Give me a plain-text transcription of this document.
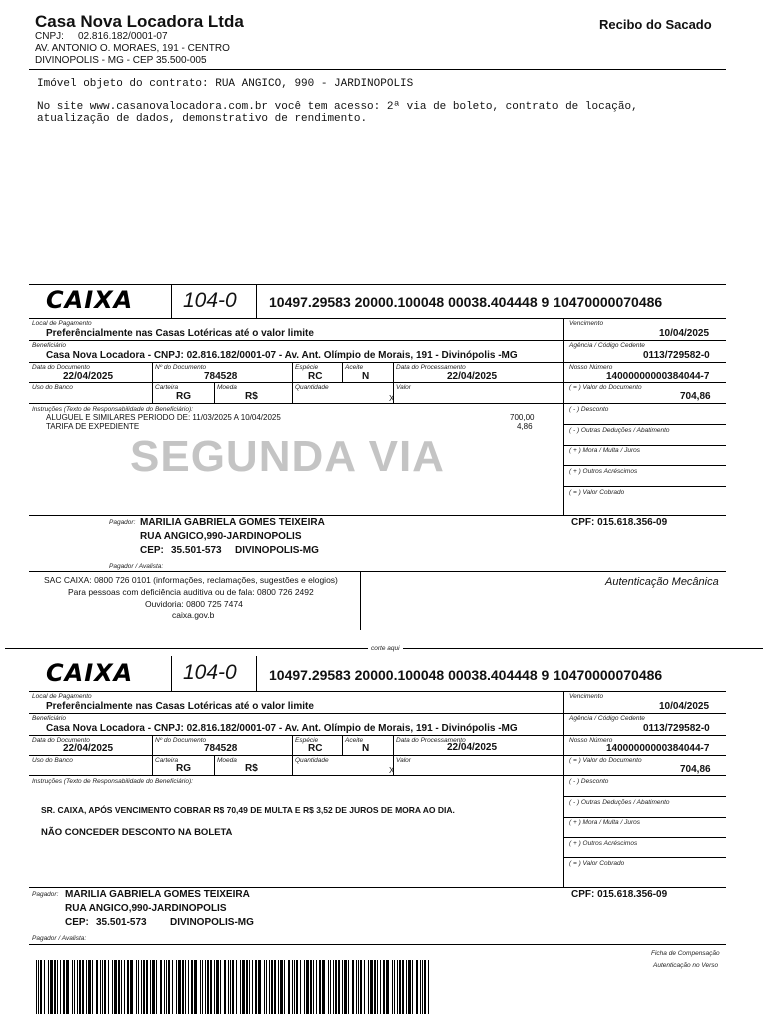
Casa Nova Locadora Ltda
CNPJ: 02.816.182/0001-07
AV. ANTONIO O. MORAES, 191 - CENTRO
DIVINOPOLIS - MG - CEP 35.500-005
Recibo do Sacado
Imóvel objeto do contrato: RUA ANGICO, 990 - JARDINOPOLIS
No site www.casanovalocadora.com.br você tem acesso: 2ª via de boleto, contrato de locação,
atualização de dados, demonstrativo de rendimento.
CAIXA 104-0 10497.29583 20000.100048 00038.404448 9 10470000070486
Local de Pagamento
Preferêncialmente nas Casas Lotéricas até o valor limite
Vencimento
10/04/2025
Beneficiário
Casa Nova Locadora - CNPJ: 02.816.182/0001-07 - Av. Ant. Olímpio de Morais, 191 - Divinópolis -MG
Agência / Código Cedente
0113/729582-0
Data do Documento
22/04/2025
Nº do Documento
784528
Espécie
RC
Aceite
N
Data do Processamento
22/04/2025
Nosso Número
14000000000384044-7
Uso do Banco	Carteira
RG
Moeda
R$
Quantidade	Valor
X
( = ) Valor do Documento
704,86
Instruções (Texto de Responsabilidade do Beneficiário):
ALUGUEL E SIMILARES PERIODO DE: 11/03/2025 A 10/04/2025	700,00
TARIFA DE EXPEDIENTE	4,86
SEGUNDA VIA
( - ) Desconto
( - ) Outras Deduções / Abatimento
( + ) Mora / Multa / Juros
( + ) Outros Acréscimos
( = ) Valor Cobrado
Pagador: MARILIA GABRIELA GOMES TEIXEIRA
RUA ANGICO,990-JARDINOPOLIS
CEP: 35.501-573 DIVINOPOLIS-MG
CPF: 015.618.356-09
Pagador / Avalista:
SAC CAIXA: 0800 726 0101 (informações, reclamações, sugestões e elogios)
Para pessoas com deficiência auditiva ou de fala: 0800 726 2492
Ouvidoria: 0800 725 7474
caixa.gov.b
Autenticação Mecânica
corte aqui
CAIXA 104-0 10497.29583 20000.100048 00038.404448 9 10470000070486
Local de Pagamento
Preferêncialmente nas Casas Lotéricas até o valor limite
Vencimento
10/04/2025
Beneficiário
Casa Nova Locadora - CNPJ: 02.816.182/0001-07 - Av. Ant. Olímpio de Morais, 191 - Divinópolis -MG
Agência / Código Cedente
0113/729582-0
Data do Documento
22/04/2025
Nº do Documento
784528
Espécie
RC
Aceite
N
Data do Processamento
22/04/2025
Nosso Número
14000000000384044-7
Uso do Banco	Carteira
RG
Moeda
R$
Quantidade	Valor
X
( = ) Valor do Documento
704,86
Instruções (Texto de Responsabilidade do Beneficiário):
SR. CAIXA, APÓS VENCIMENTO COBRAR R$ 70,49 DE MULTA E R$ 3,52 DE JUROS DE MORA AO DIA.
NÃO CONCEDER DESCONTO NA BOLETA
( - ) Desconto
( - ) Outras Deduções / Abatimento
( + ) Mora / Multa / Juros
( + ) Outros Acréscimos
( = ) Valor Cobrado
Pagador: MARILIA GABRIELA GOMES TEIXEIRA
RUA ANGICO,990-JARDINOPOLIS
CEP: 35.501-573 DIVINOPOLIS-MG
CPF: 015.618.356-09
Pagador / Avalista:
Ficha de Compensação
Autenticação no Verso
